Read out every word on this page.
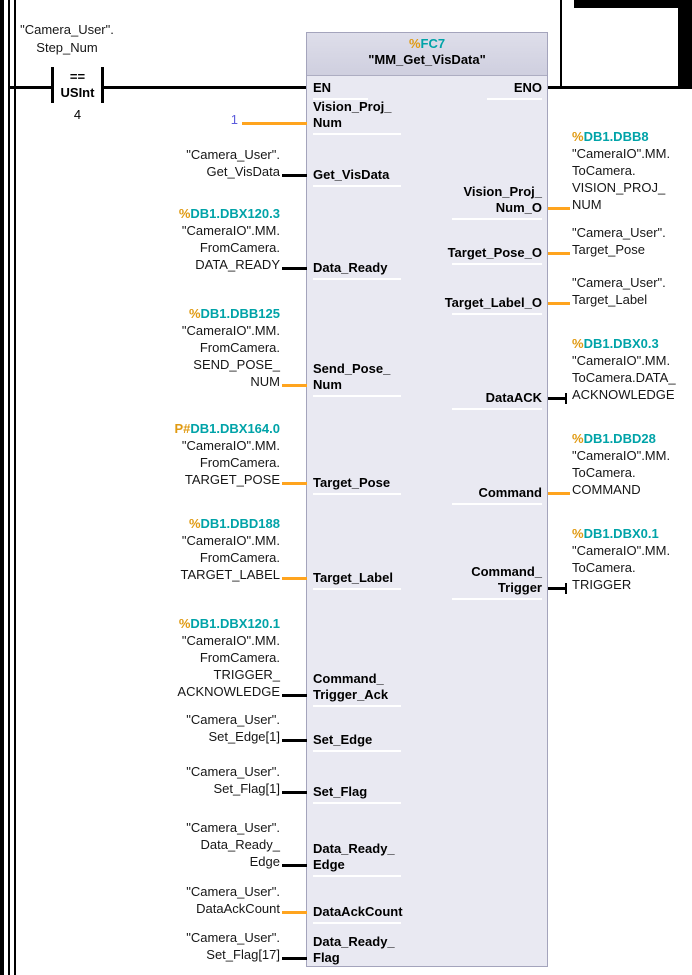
"Camera_User".
Step_Num
==
USInt
4
%FC7
"MM_Get_VisData"
EN	ENO
Vision_Proj_
Num
1
Get_VisData
"Camera_User".
Get_VisData
Data_Ready
%DB1.DBX120.3
"CameraIO".MM.
FromCamera.
DATA_READY
Send_Pose_
Num
%DB1.DBB125
"CameraIO".MM.
FromCamera.
SEND_POSE_
NUM
Target_Pose
P#DB1.DBX164.0
"CameraIO".MM.
FromCamera.
TARGET_POSE
Target_Label
%DB1.DBD188
"CameraIO".MM.
FromCamera.
TARGET_LABEL
Command_
Trigger_Ack
%DB1.DBX120.1
"CameraIO".MM.
FromCamera.
TRIGGER_
ACKNOWLEDGE
Set_Edge
"Camera_User".
Set_Edge[1]
Set_Flag
"Camera_User".
Set_Flag[1]
Data_Ready_
Edge
"Camera_User".
Data_Ready_
Edge
DataAckCount
"Camera_User".
DataAckCount
Data_Ready_
Flag
"Camera_User".
Set_Flag[17]
Vision_Proj_
Num_O
%DB1.DBB8
"CameraIO".MM.
ToCamera.
VISION_PROJ_
NUM
Target_Pose_O
"Camera_User".
Target_Pose
Target_Label_O
"Camera_User".
Target_Label
DataACK
%DB1.DBX0.3
"CameraIO".MM.
ToCamera.DATA_
ACKNOWLEDGE
Command
%DB1.DBD28
"CameraIO".MM.
ToCamera.
COMMAND
Command_
Trigger
%DB1.DBX0.1
"CameraIO".MM.
ToCamera.
TRIGGER
